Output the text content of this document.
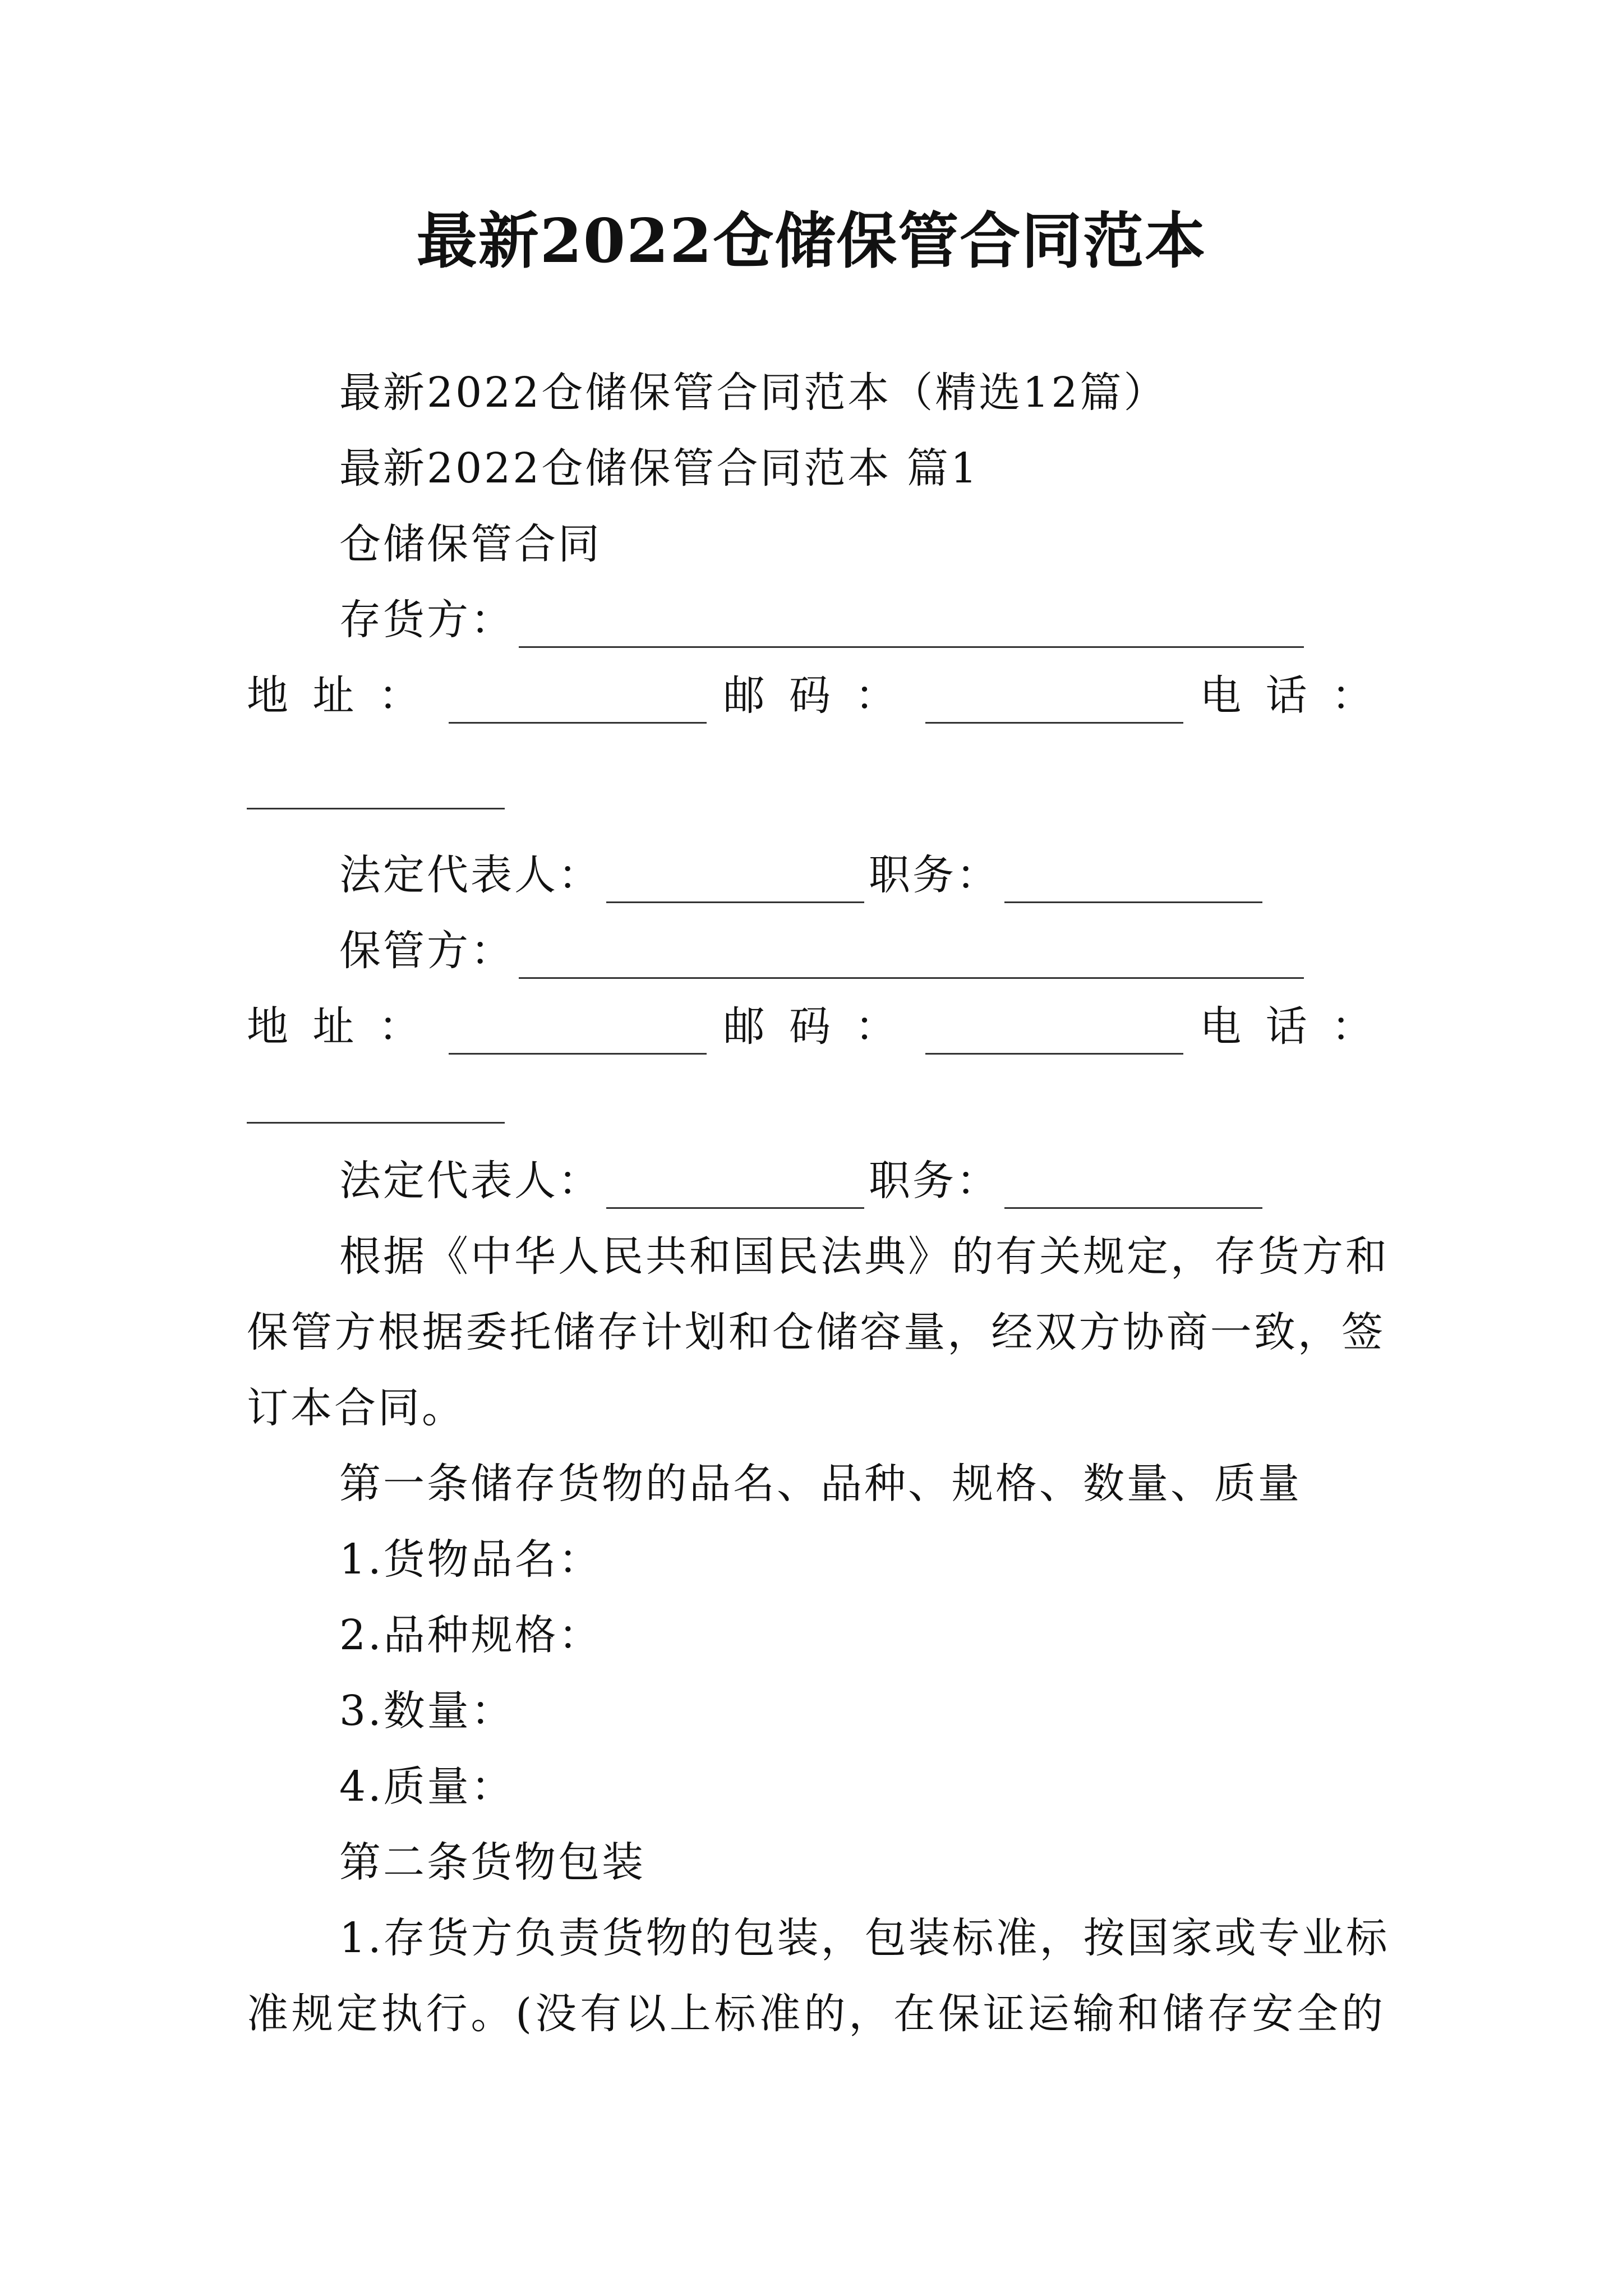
最新2022仓储保管合同范本
最新2022仓储保管合同范本（精选12篇）
最新2022仓储保管合同范本 篇1
仓储保管合同
存货方：
地址：	邮码：	电话：
法定代表人：	职务：
保管方：
地址：	邮码：	电话：
法定代表人：	职务：
根据《中华人民共和国民法典》的有关规定，存货方和
保管方根据委托储存计划和仓储容量，经双方协商一致，签
订本合同。
第一条储存货物的品名、品种、规格、数量、质量
1.货物品名：
2.品种规格：
3.数量：
4.质量：
第二条货物包装
1.存货方负责货物的包装，包装标准，按国家或专业标
准规定执行。(没有以上标准的，在保证运输和储存安全的
